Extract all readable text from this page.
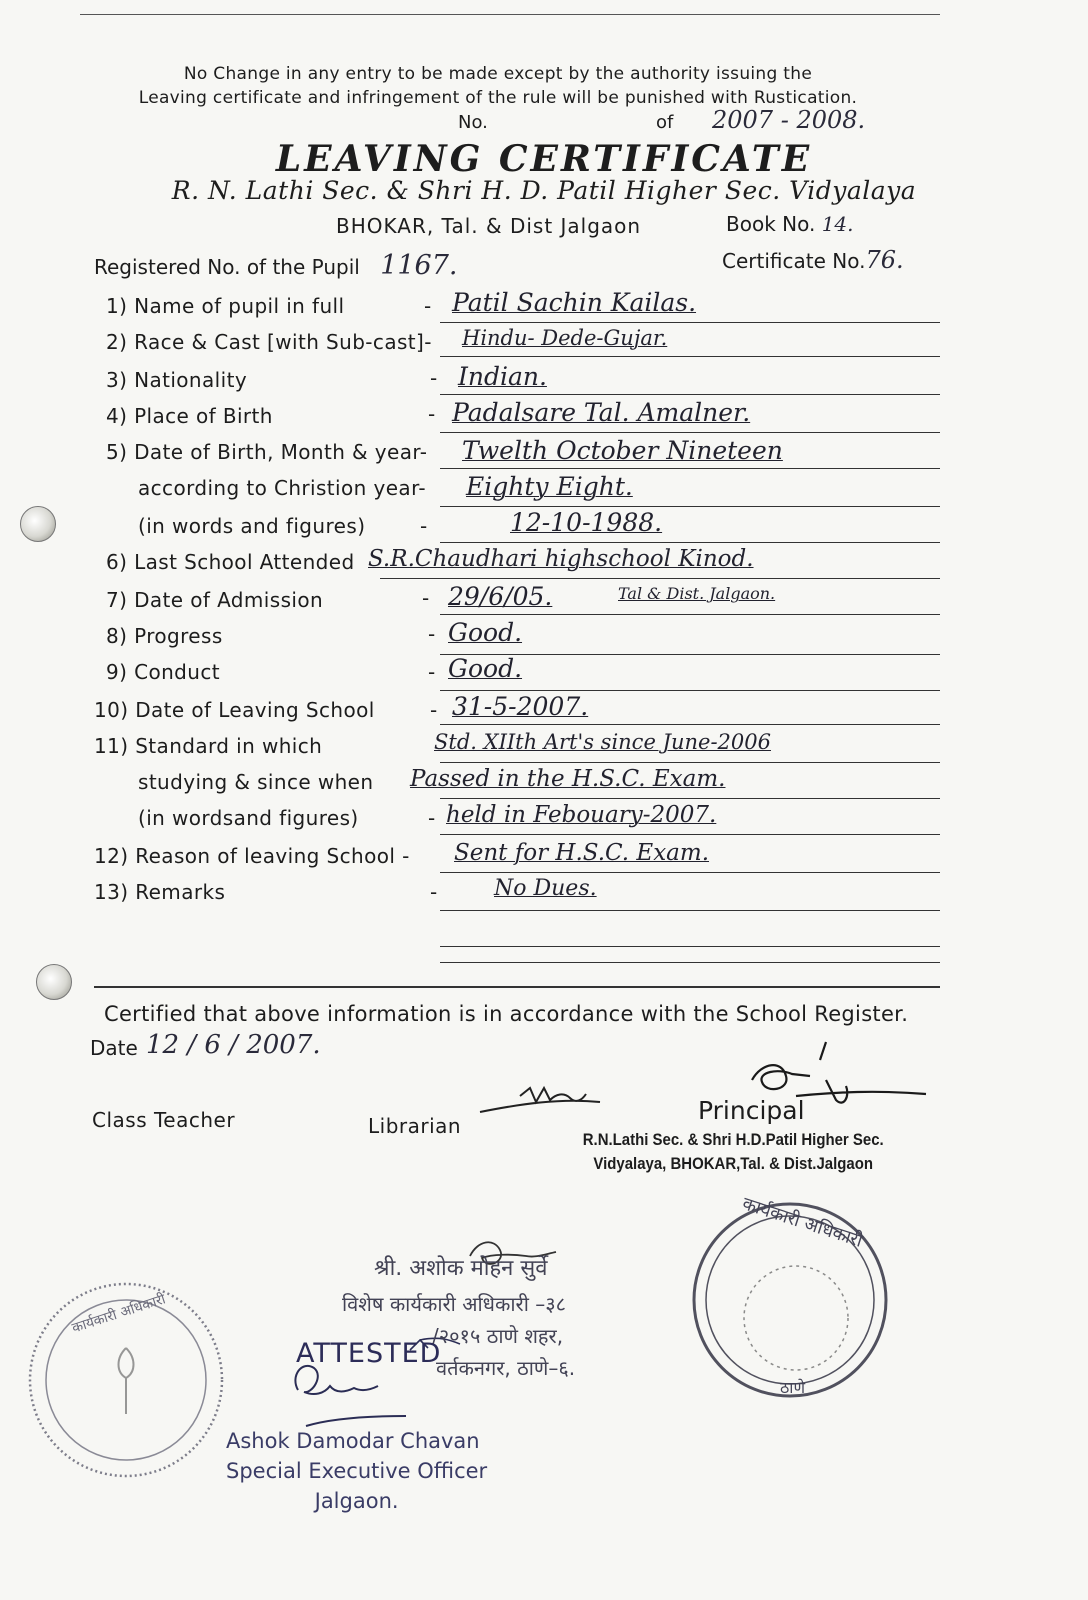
No Change in any entry to be made except by the authority issuing the
Leaving certificate and infringement of the rule will be punished with Rustication.
No.	of 2007 - 2008.
LEAVING CERTIFICATE
R. N. Lathi Sec. & Shri H. D. Patil Higher Sec. Vidyalaya
BHOKAR, Tal. & Dist Jalgaon	Book No. 14.
Registered No. of the Pupil 1167.	Certificate No.76.
1) Name of pupil in full	- Patil Sachin Kailas.
2) Race & Cast [with Sub-cast]- Hindu- Dede-Gujar.
3) Nationality	- Indian.
4) Place of Birth	- Padalsare Tal. Amalner.
5) Date of Birth, Month & year- Twelth October Nineteen
according to Christion year- Eighty Eight.
(in words and figures)	-	12-10-1988.
6) Last School Attended S.R.Chaudhari highschool Kinod.
7) Date of Admission	- 29/6/05.	Tal & Dist. Jalgaon.
8) Progress	- Good.
9) Conduct	- Good.
10) Date of Leaving School	- 31-5-2007.
11) Standard in which	Std. XIIth Art's since June-2006
studying & since when Passed in the H.S.C. Exam.
(in wordsand figures)	- held in Febouary-2007.
12) Reason of leaving School - Sent for H.S.C. Exam.
13) Remarks	-	No Dues.
Certified that above information is in accordance with the School Register.
Date 12 / 6 / 2007.
Class Teacher	Librarian
Principal
R.N.Lathi Sec. & Shri H.D.Patil Higher Sec.
Vidyalaya, BHOKAR,Tal. & Dist.Jalgaon
कार्यकारी अधिकारी
ठाणे
कार्यकारी अधिकारी
श्री. अशोक मोहन सुर्वे
विशेष कार्यकारी अधिकारी –३८
/२०१५ ठाणे शहर,
वर्तकनगर, ठाणे–६.
ATTESTED
Ashok Damodar Chavan
Special Executive Officer
Jalgaon.
